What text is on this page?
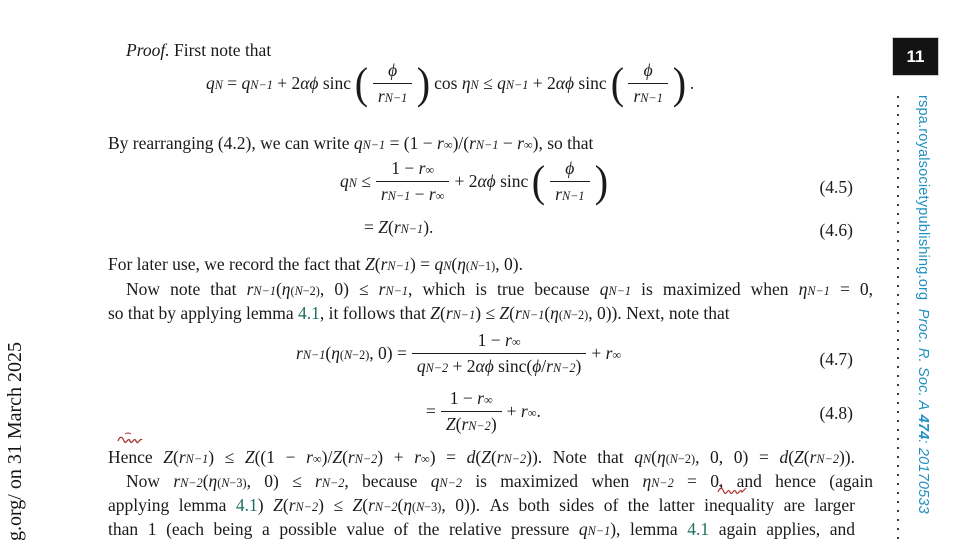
Proof. First note that
$q_N = q_{N-1} + 2\alpha\phi$ sinc ( $\frac{\phi}{r_{N-1}}$ ) $\cos \eta_N \le q_{N-1} + 2\alpha\phi$ sinc ( $\frac{\phi}{r_{N-1}}$ ) .
By rearranging (4.2), we can write $q_{N-1} = (1 - r_\infty)/(r_{N-1} - r_\infty)$, so that
$q_N \le \frac{1 - r_\infty}{r_{N-1} - r_\infty} + 2\alpha\phi$ sinc ( $\frac{\phi}{r_{N-1}}$ )	(4.5)
= $Z(r_{N-1})$.	(4.6)
For later use, we record the fact that $Z(r_{N-1}) = q_N(\eta^{(N-1)}$, 0).
Now note that $r_{N-1}(\eta^{(N-2)}$, $0) \le r_{N-1}$, which is true because $q_{N-1}$ is maximized when $\eta_{N-1} = 0$,
so that by applying lemma 4.1, it follows that $Z(r_{N-1}) \le Z(r_{N-1}(\eta^{(N-2)}$, 0)). Next, note that
$r_{N-1}(\eta^{(N-2)}$, $0) = \frac{1 - r_\infty}{q_{N-2} + 2\alpha\phi \sin c(\phi/r_{N-2})} + r_\infty$	(4.7)
= $\frac{1 - r_\infty}{Z(r_{N-2})} + r_\infty$.	(4.8)
Hence $Z(r_{N-1}) \le Z((1 - r_\infty)/Z(r_{N-2}) + r_\infty) = d(Z(r_{N-2}))$. Note that $q_N(\eta^{(N-2)}$, 0, $0) = d(Z(r_{N-2}))$.
Now $r_{N-2}(\eta^{(N-3)}$, $0) \le r_{N-2}$, because $q_{N-2}$ is maximized when $\eta_{N-2} = 0$, and hence (again
applying lemma 4.1) $Z(r_{N-2}) \le Z(r_{N-2}(\eta^{(N-3)}$, 0)). As both sides of the latter inequality are larger
than 1 (each being a possible value of the relative pressure $q_{N-1}$), lemma 4.1 again applies, and
11
rspa.royalsocietypublishing.org  Proc. R. Soc. A 474: 20170533
g.org/ on 31 March 2025
